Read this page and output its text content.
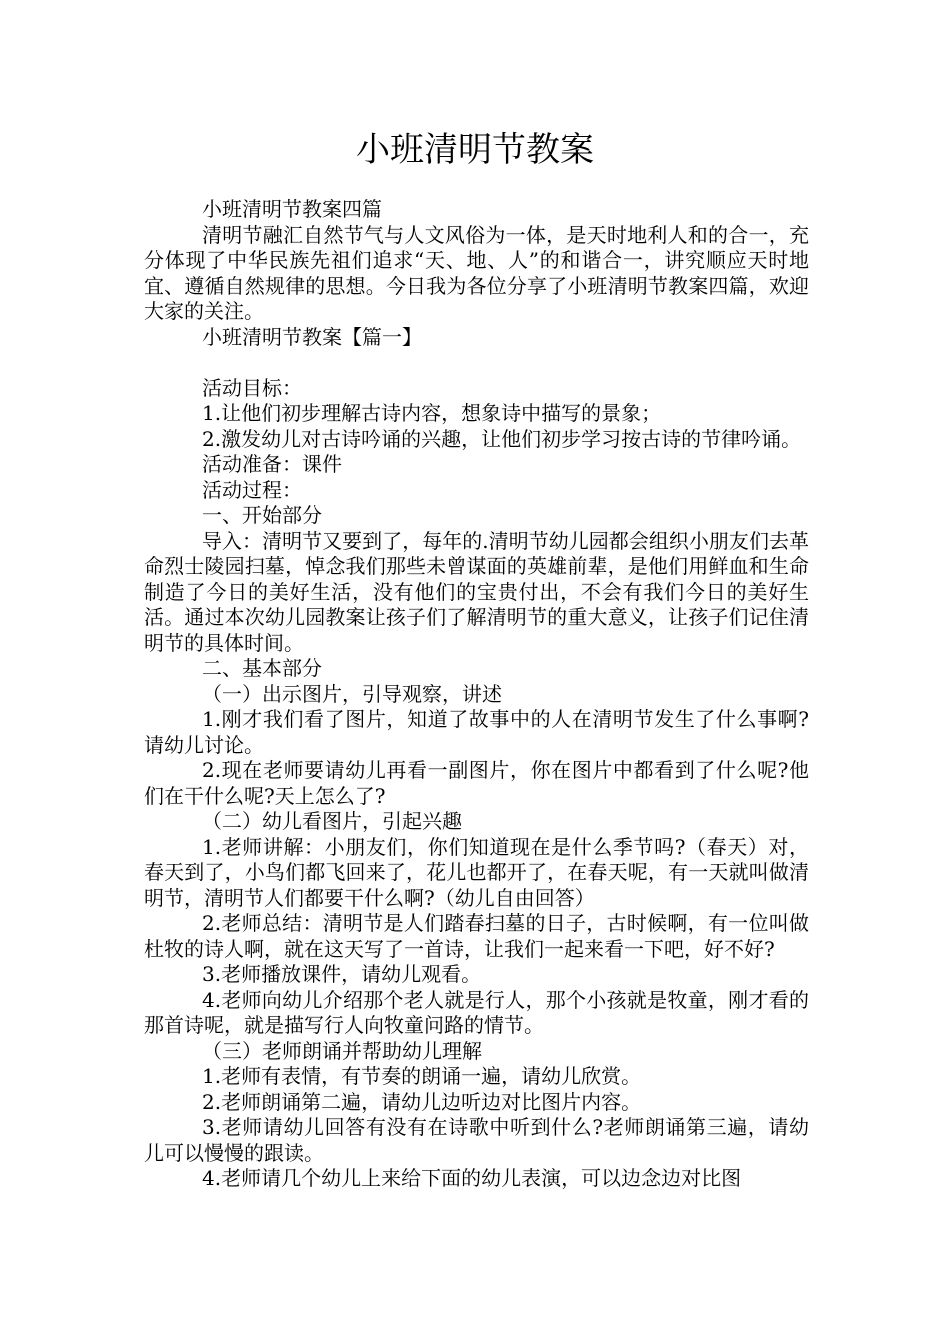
小班清明节教案

小班清明节教案四篇

清明节融汇自然节气与人文风俗为一体，是天时地利人和的合一，充分体现了中华民族先祖们追求“天、地、人”的和谐合一，讲究顺应天时地宜、遵循自然规律的思想。今日我为各位分享了小班清明节教案四篇，欢迎大家的关注。

小班清明节教案【篇一】

活动目标：

1.让他们初步理解古诗内容，想象诗中描写的景象；

2.激发幼儿对古诗吟诵的兴趣，让他们初步学习按古诗的节律吟诵。

活动准备：课件

活动过程：

一、开始部分

导入：清明节又要到了，每年的.清明节幼儿园都会组织小朋友们去革命烈士陵园扫墓，悼念我们那些未曾谋面的英雄前辈，是他们用鲜血和生命制造了今日的美好生活，没有他们的宝贵付出，不会有我们今日的美好生活。通过本次幼儿园教案让孩子们了解清明节的重大意义，让孩子们记住清明节的具体时间。

二、基本部分

（一）出示图片，引导观察，讲述

1.刚才我们看了图片，知道了故事中的人在清明节发生了什么事啊?请幼儿讨论。

2.现在老师要请幼儿再看一副图片，你在图片中都看到了什么呢?他们在干什么呢?天上怎么了?

（二）幼儿看图片，引起兴趣

1.老师讲解：小朋友们，你们知道现在是什么季节吗?（春天）对，春天到了，小鸟们都飞回来了，花儿也都开了，在春天呢，有一天就叫做清明节，清明节人们都要干什么啊?（幼儿自由回答）

2.老师总结：清明节是人们踏春扫墓的日子，古时候啊，有一位叫做杜牧的诗人啊，就在这天写了一首诗，让我们一起来看一下吧，好不好?

3.老师播放课件，请幼儿观看。

4.老师向幼儿介绍那个老人就是行人，那个小孩就是牧童，刚才看的那首诗呢，就是描写行人向牧童问路的情节。

（三）老师朗诵并帮助幼儿理解

1.老师有表情，有节奏的朗诵一遍，请幼儿欣赏。

2.老师朗诵第二遍，请幼儿边听边对比图片内容。

3.老师请幼儿回答有没有在诗歌中听到什么?老师朗诵第三遍，请幼儿可以慢慢的跟读。

4.老师请几个幼儿上来给下面的幼儿表演，可以边念边对比图
